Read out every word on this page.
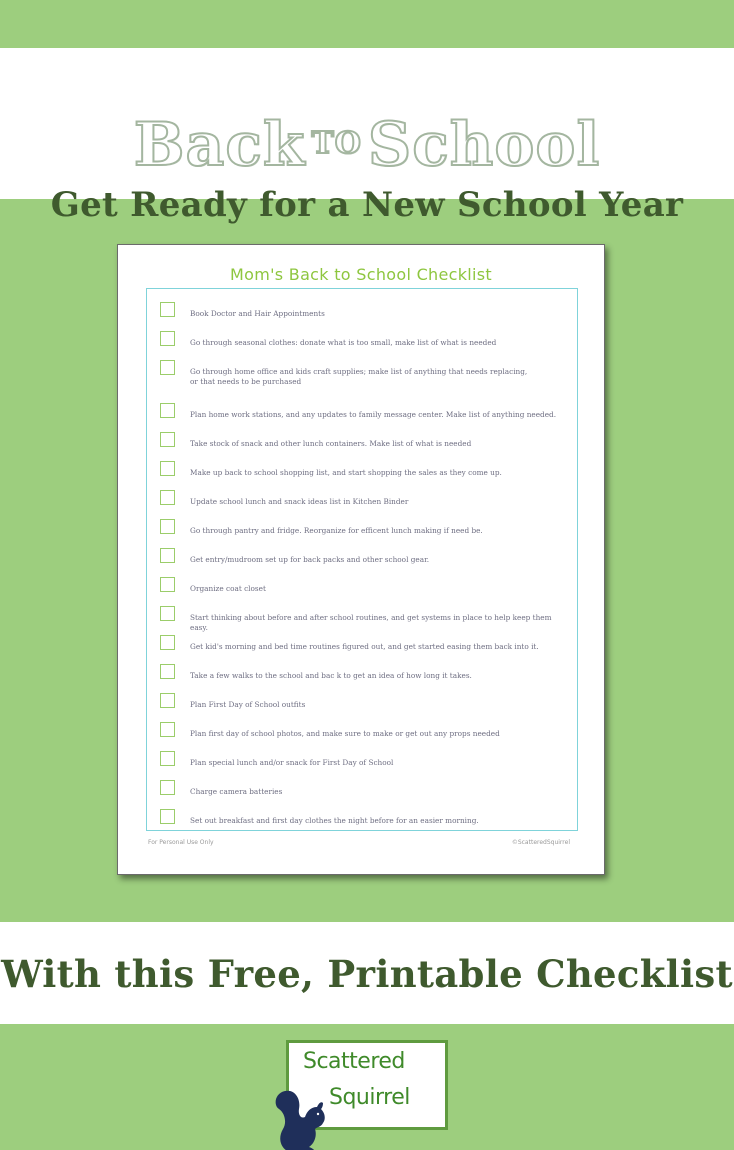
Back TO School
Get Ready for a New School Year
Mom's Back to School Checklist
Book Doctor and Hair Appointments
Go through seasonal clothes: donate what is too small, make list of what is needed
Go through home office and kids craft supplies; make list of anything that needs replacing,
or that needs to be purchased
Plan home work stations, and any updates to family message center. Make list of anything needed.
Take stock of snack and other lunch containers. Make list of what is needed
Make up back to school shopping list, and start shopping the sales as they come up.
Update school lunch and snack ideas list in Kitchen Binder
Go through pantry and fridge. Reorganize for efficent lunch making if need be.
Get entry/mudroom set up for back packs and other school gear.
Organize coat closet
Start thinking about before and after school routines, and get systems in place to help keep them easy.
Get kid's morning and bed time routines figured out, and get started easing them back into it.
Take a few walks to the school and bac k to get an idea of how long it takes.
Plan First Day of School outfits
Plan first day of school photos, and make sure to make or get out any props needed
Plan special lunch and/or snack for First Day of School
Charge camera batteries
Set out breakfast and first day clothes the night before for an easier morning.
For Personal Use Only	©ScatteredSquirrel
With this Free, Printable Checklist
Scattered
Squirrel
